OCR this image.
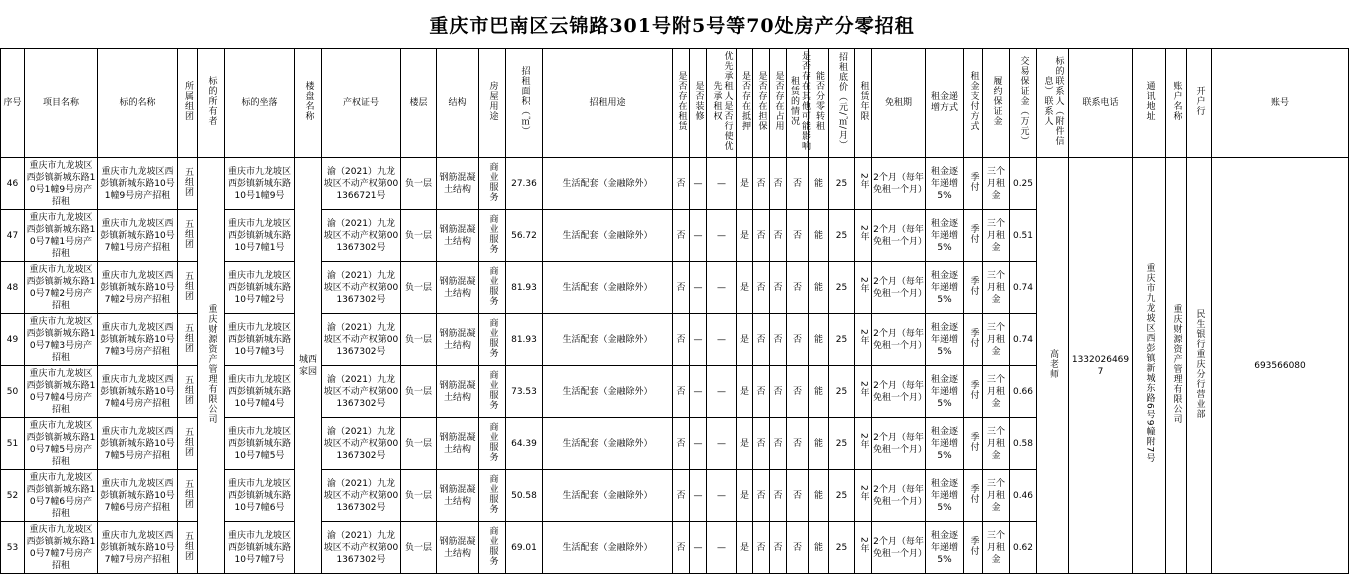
重庆市巴南区云锦路301号附5号等70处房产分零招租
序号	项目名称	标的名称	所属组团	标的所有者	标的坐落	楼盘名称	产权证号	楼层	结构	房屋用途	招租面积（㎡）	招租用途	是否存在租赁	是否装修	优先承租人是否行使优先承租权	是否存在抵押	是否存在担保	是否存在占用	是否存在其他可能影响租赁的情况	能否分零转租	招租底价（元/㎡/月）	租赁年限	免租期	租金递增方式	租金支付方式	履约保证金	交易保证金（万元）	标的联系人（附件信息）联系人	联系电话	通讯地址	账户名称	开户行	账号
46	重庆市九龙坡区西彭镇新城东路10号1幢9号房产招租	重庆市九龙坡区西彭镇新城东路10号1幢9号房产招租	五组团	重庆财源资产管理有限公司	重庆市九龙坡区西彭镇新城东路10号1幢9号	城西家园	渝（2021）九龙坡区不动产权第001366721号	负一层	钢筋混凝土结构	商业服务	27.36	生活配套（金融除外）	否	—	—	是	否	否	否	能	25	2年	2个月（每年免租一个月）	租金逐年递增5%	季付	三个月租金	0.25	高老师	13320264697	重庆市九龙坡区西彭镇新城东路6号9幢附7号	重庆财源资产管理有限公司	民生银行重庆分行营业部	693566080
47	重庆市九龙坡区西彭镇新城东路10号7幢1号房产招租	重庆市九龙坡区西彭镇新城东路10号7幢1号房产招租	五组团		重庆市九龙坡区西彭镇新城东路10号7幢1号		渝（2021）九龙坡区不动产权第001367302号	负一层	钢筋混凝土结构	商业服务	56.72	生活配套（金融除外）	否	—	—	是	否	否	否	能	25	2年	2个月（每年免租一个月）	租金逐年递增5%	季付	三个月租金	0.51						
48	重庆市九龙坡区西彭镇新城东路10号7幢2号房产招租	重庆市九龙坡区西彭镇新城东路10号7幢2号房产招租	五组团		重庆市九龙坡区西彭镇新城东路10号7幢2号		渝（2021）九龙坡区不动产权第001367302号	负一层	钢筋混凝土结构	商业服务	81.93	生活配套（金融除外）	否	—	—	是	否	否	否	能	25	2年	2个月（每年免租一个月）	租金逐年递增5%	季付	三个月租金	0.74						
49	重庆市九龙坡区西彭镇新城东路10号7幢3号房产招租	重庆市九龙坡区西彭镇新城东路10号7幢3号房产招租	五组团		重庆市九龙坡区西彭镇新城东路10号7幢3号		渝（2021）九龙坡区不动产权第001367302号	负一层	钢筋混凝土结构	商业服务	81.93	生活配套（金融除外）	否	—	—	是	否	否	否	能	25	2年	2个月（每年免租一个月）	租金逐年递增5%	季付	三个月租金	0.74						
50	重庆市九龙坡区西彭镇新城东路10号7幢4号房产招租	重庆市九龙坡区西彭镇新城东路10号7幢4号房产招租	五组团		重庆市九龙坡区西彭镇新城东路10号7幢4号		渝（2021）九龙坡区不动产权第001367302号	负一层	钢筋混凝土结构	商业服务	73.53	生活配套（金融除外）	否	—	—	是	否	否	否	能	25	2年	2个月（每年免租一个月）	租金逐年递增5%	季付	三个月租金	0.66						
51	重庆市九龙坡区西彭镇新城东路10号7幢5号房产招租	重庆市九龙坡区西彭镇新城东路10号7幢5号房产招租	五组团		重庆市九龙坡区西彭镇新城东路10号7幢5号		渝（2021）九龙坡区不动产权第001367302号	负一层	钢筋混凝土结构	商业服务	64.39	生活配套（金融除外）	否	—	—	是	否	否	否	能	25	2年	2个月（每年免租一个月）	租金逐年递增5%	季付	三个月租金	0.58						
52	重庆市九龙坡区西彭镇新城东路10号7幢6号房产招租	重庆市九龙坡区西彭镇新城东路10号7幢6号房产招租	五组团		重庆市九龙坡区西彭镇新城东路10号7幢6号		渝（2021）九龙坡区不动产权第001367302号	负一层	钢筋混凝土结构	商业服务	50.58	生活配套（金融除外）	否	—	—	是	否	否	否	能	25	2年	2个月（每年免租一个月）	租金逐年递增5%	季付	三个月租金	0.46						
53	重庆市九龙坡区西彭镇新城东路10号7幢7号房产招租	重庆市九龙坡区西彭镇新城东路10号7幢7号房产招租	五组团		重庆市九龙坡区西彭镇新城东路10号7幢7号		渝（2021）九龙坡区不动产权第001367302号	负一层	钢筋混凝土结构	商业服务	69.01	生活配套（金融除外）	否	—	—	是	否	否	否	能	25	2年	2个月（每年免租一个月）	租金逐年递增5%	季付	三个月租金	0.62						
